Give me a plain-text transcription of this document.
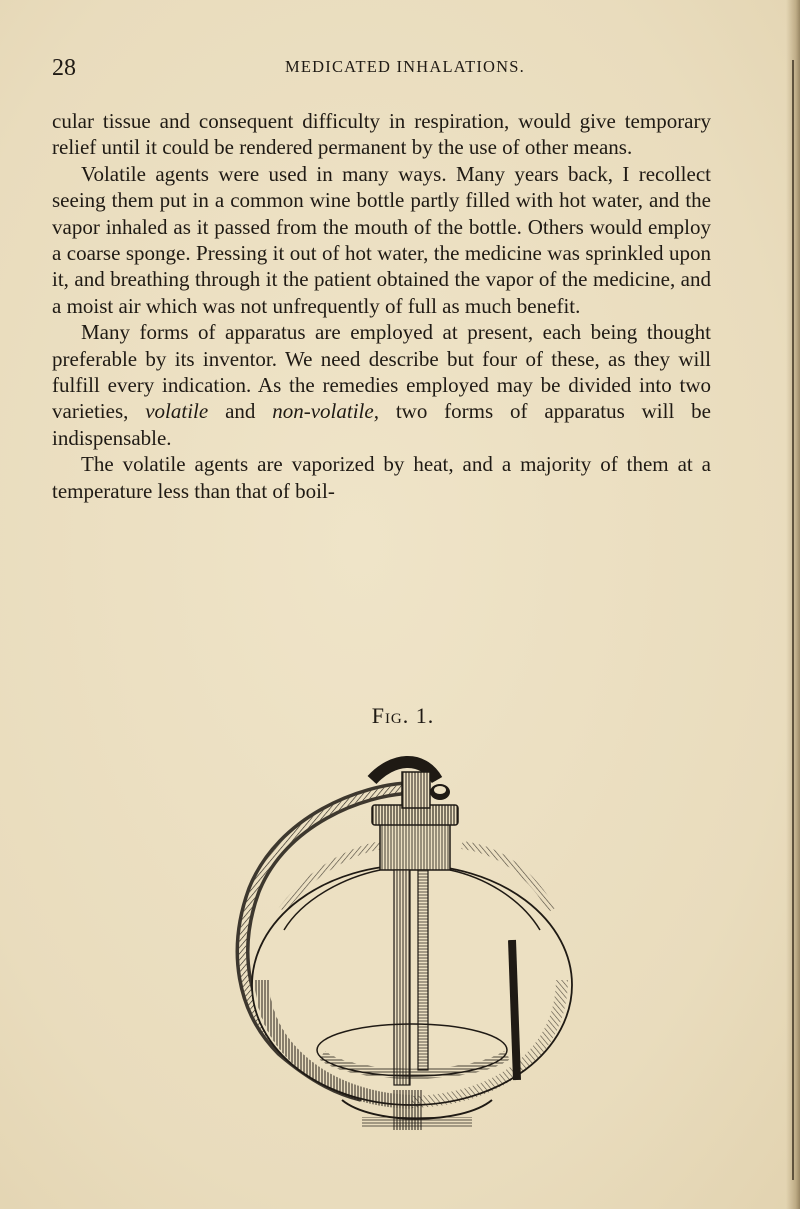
28	MEDICATED INHALATIONS.

cular tissue and consequent difficulty in respiration, would give temporary relief until it could be rendered permanent by the use of other means.

Volatile agents were used in many ways. Many years back, I recollect seeing them put in a common wine bottle partly filled with hot water, and the vapor inhaled as it passed from the mouth of the bottle. Others would employ a coarse sponge. Pressing it out of hot water, the medicine was sprinkled upon it, and breathing through it the patient obtained the vapor of the medicine, and a moist air which was not unfrequently of full as much benefit.

Many forms of apparatus are employed at present, each being thought preferable by its inventor. We need describe but four of these, as they will fulfill every indication. As the remedies employed may be divided into two varieties, volatile and non-volatile, two forms of apparatus will be indispensable.

The volatile agents are vaporized by heat, and a majority of them at a temperature less than that of boil-

Fig. 1.
